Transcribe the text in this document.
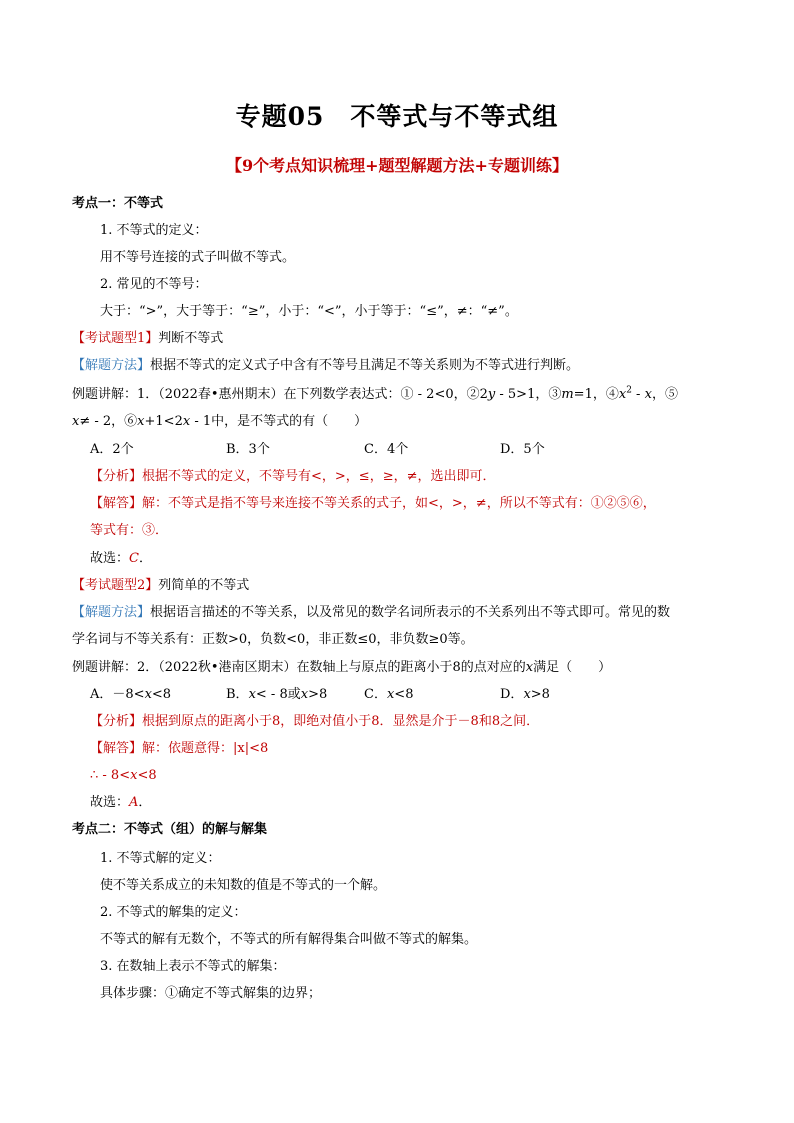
专题05　不等式与不等式组
【9个考点知识梳理+题型解题方法+专题训练】
考点一：不等式
1. 不等式的定义：
用不等号连接的式子叫做不等式。
2. 常见的不等号：
大于：“>”，大于等于：“≥”，小于：“<”，小于等于：“≤”，≠：“≠”。
【考试题型1】判断不等式
【解题方法】根据不等式的定义式子中含有不等号且满足不等关系则为不等式进行判断。
例题讲解：1．（2022春•惠州期末）在下列数学表达式：① - 2<0，②2y - 5>1，③m=1，$④x^2$ - x，⑤
x≠ - 2，⑥x+1<2x - 1中，是不等式的有（　　）
A．2个	B．3个	C．4个	D．5个
【分析】根据不等式的定义，不等号有<，>，≤，≥，≠，选出即可．
【解答】解：不等式是指不等号来连接不等关系的式子，如<，>，≠，所以不等式有：①②⑤⑥，
等式有：③．
故选：C．
【考试题型2】列简单的不等式
【解题方法】根据语言描述的不等关系，以及常见的数学名词所表示的不关系列出不等式即可。常见的数
学名词与不等关系有：正数>0，负数<0，非正数≤0，非负数≥0等。
例题讲解：2．（2022秋•港南区期末）在数轴上与原点的距离小于8的点对应的x满足（　　）
A．－8<x<8	B．x< - 8或x>8	C．x<8	D．x>8
【分析】根据到原点的距离小于8，即绝对值小于8．显然是介于－8和8之间．
【解答】解：依题意得：|x|<8
∴ - 8<x<8
故选：A．
考点二：不等式（组）的解与解集
1. 不等式解的定义：
使不等关系成立的未知数的值是不等式的一个解。
2. 不等式的解集的定义：
不等式的解有无数个，不等式的所有解得集合叫做不等式的解集。
3. 在数轴上表示不等式的解集：
具体步骤：①确定不等式解集的边界；
